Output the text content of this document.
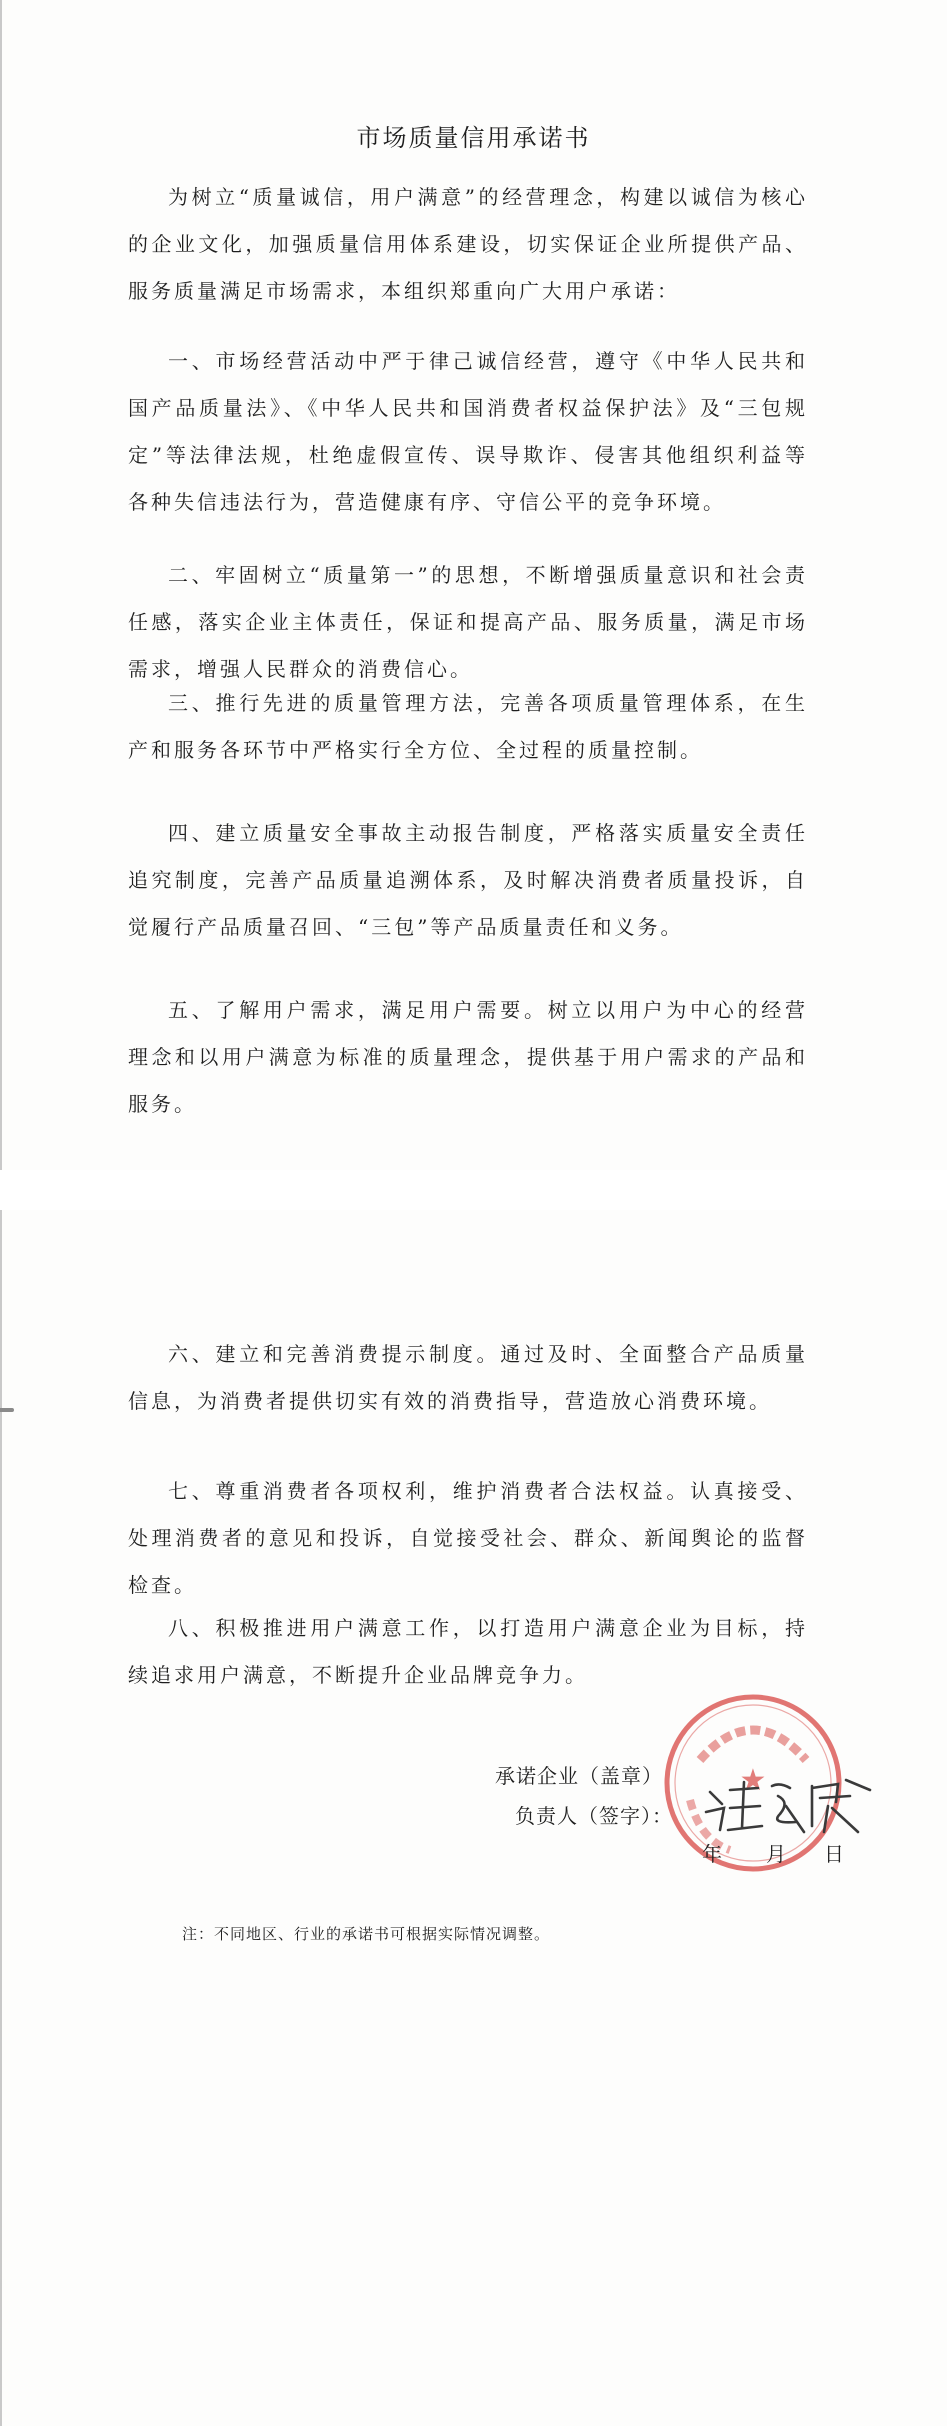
市场质量信用承诺书

为树立“质量诚信，用户满意”的经营理念，构建以诚信为核心的企业文化，加强质量信用体系建设，切实保证企业所提供产品、服务质量满足市场需求，本组织郑重向广大用户承诺：

一、市场经营活动中严于律己诚信经营，遵守《中华人民共和国产品质量法》、《中华人民共和国消费者权益保护法》及“三包规定”等法律法规，杜绝虚假宣传、误导欺诈、侵害其他组织利益等各种失信违法行为，营造健康有序、守信公平的竞争环境。

二、牢固树立“质量第一”的思想，不断增强质量意识和社会责任感，落实企业主体责任，保证和提高产品、服务质量，满足市场需求，增强人民群众的消费信心。

三、推行先进的质量管理方法，完善各项质量管理体系，在生产和服务各环节中严格实行全方位、全过程的质量控制。

四、建立质量安全事故主动报告制度，严格落实质量安全责任追究制度，完善产品质量追溯体系，及时解决消费者质量投诉，自觉履行产品质量召回、“三包”等产品质量责任和义务。

五、了解用户需求，满足用户需要。树立以用户为中心的经营理念和以用户满意为标准的质量理念，提供基于用户需求的产品和服务。

六、建立和完善消费提示制度。通过及时、全面整合产品质量信息，为消费者提供切实有效的消费指导，营造放心消费环境。

七、尊重消费者各项权利，维护消费者合法权益。认真接受、处理消费者的意见和投诉，自觉接受社会、群众、新闻舆论的监督检查。

八、积极推进用户满意工作，以打造用户满意企业为目标，持续追求用户满意，不断提升企业品牌竞争力。

★
承诺企业（盖章）
负责人（签字）：
年 月 日
注：不同地区、行业的承诺书可根据实际情况调整。
